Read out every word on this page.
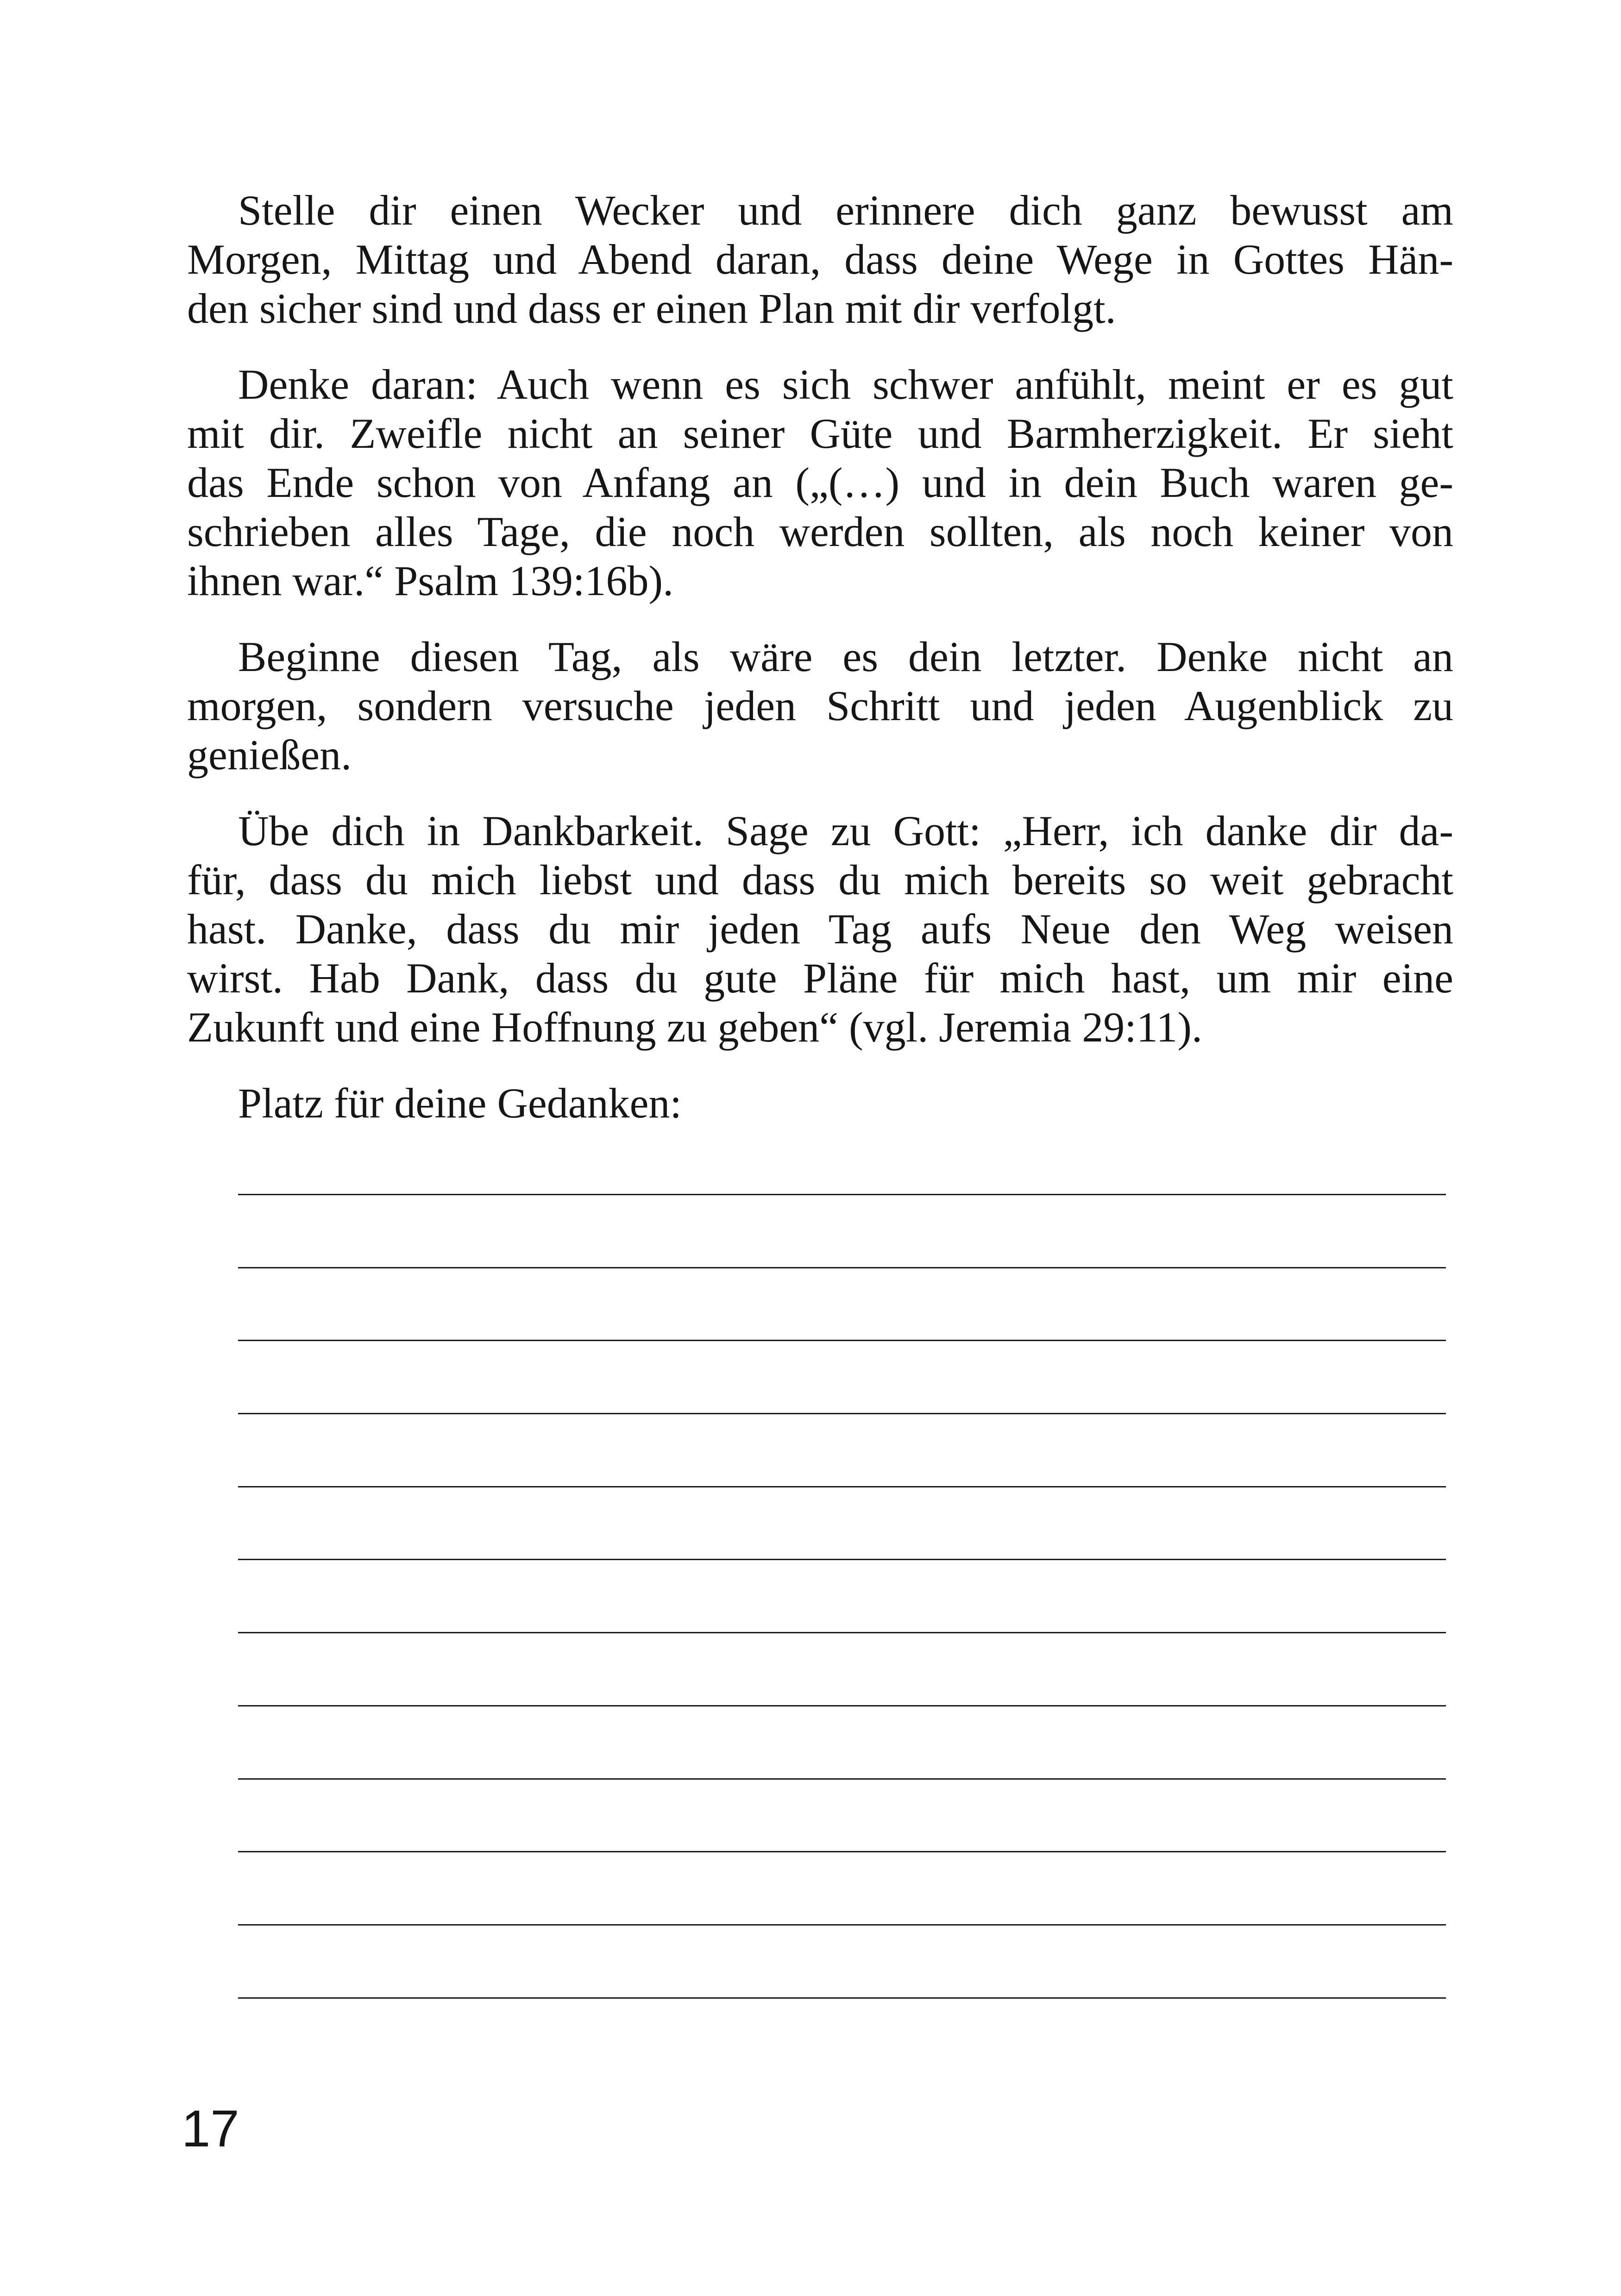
Stelle dir einen Wecker und erinnere dich ganz bewusst am
Morgen, Mittag und Abend daran, dass deine Wege in Gottes Hän-
den sicher sind und dass er einen Plan mit dir verfolgt.
Denke daran: Auch wenn es sich schwer anfühlt, meint er es gut
mit dir. Zweifle nicht an seiner Güte und Barmherzigkeit. Er sieht
das Ende schon von Anfang an („(…) und in dein Buch waren ge-
schrieben alles Tage, die noch werden sollten, als noch keiner von
ihnen war.“ Psalm 139:16b).
Beginne diesen Tag, als wäre es dein letzter. Denke nicht an
morgen, sondern versuche jeden Schritt und jeden Augenblick zu
genießen.
Übe dich in Dankbarkeit. Sage zu Gott: „Herr, ich danke dir da-
für, dass du mich liebst und dass du mich bereits so weit gebracht
hast. Danke, dass du mir jeden Tag aufs Neue den Weg weisen
wirst. Hab Dank, dass du gute Pläne für mich hast, um mir eine
Zukunft und eine Hoffnung zu geben“ (vgl. Jeremia 29:11).
Platz für deine Gedanken:
17
